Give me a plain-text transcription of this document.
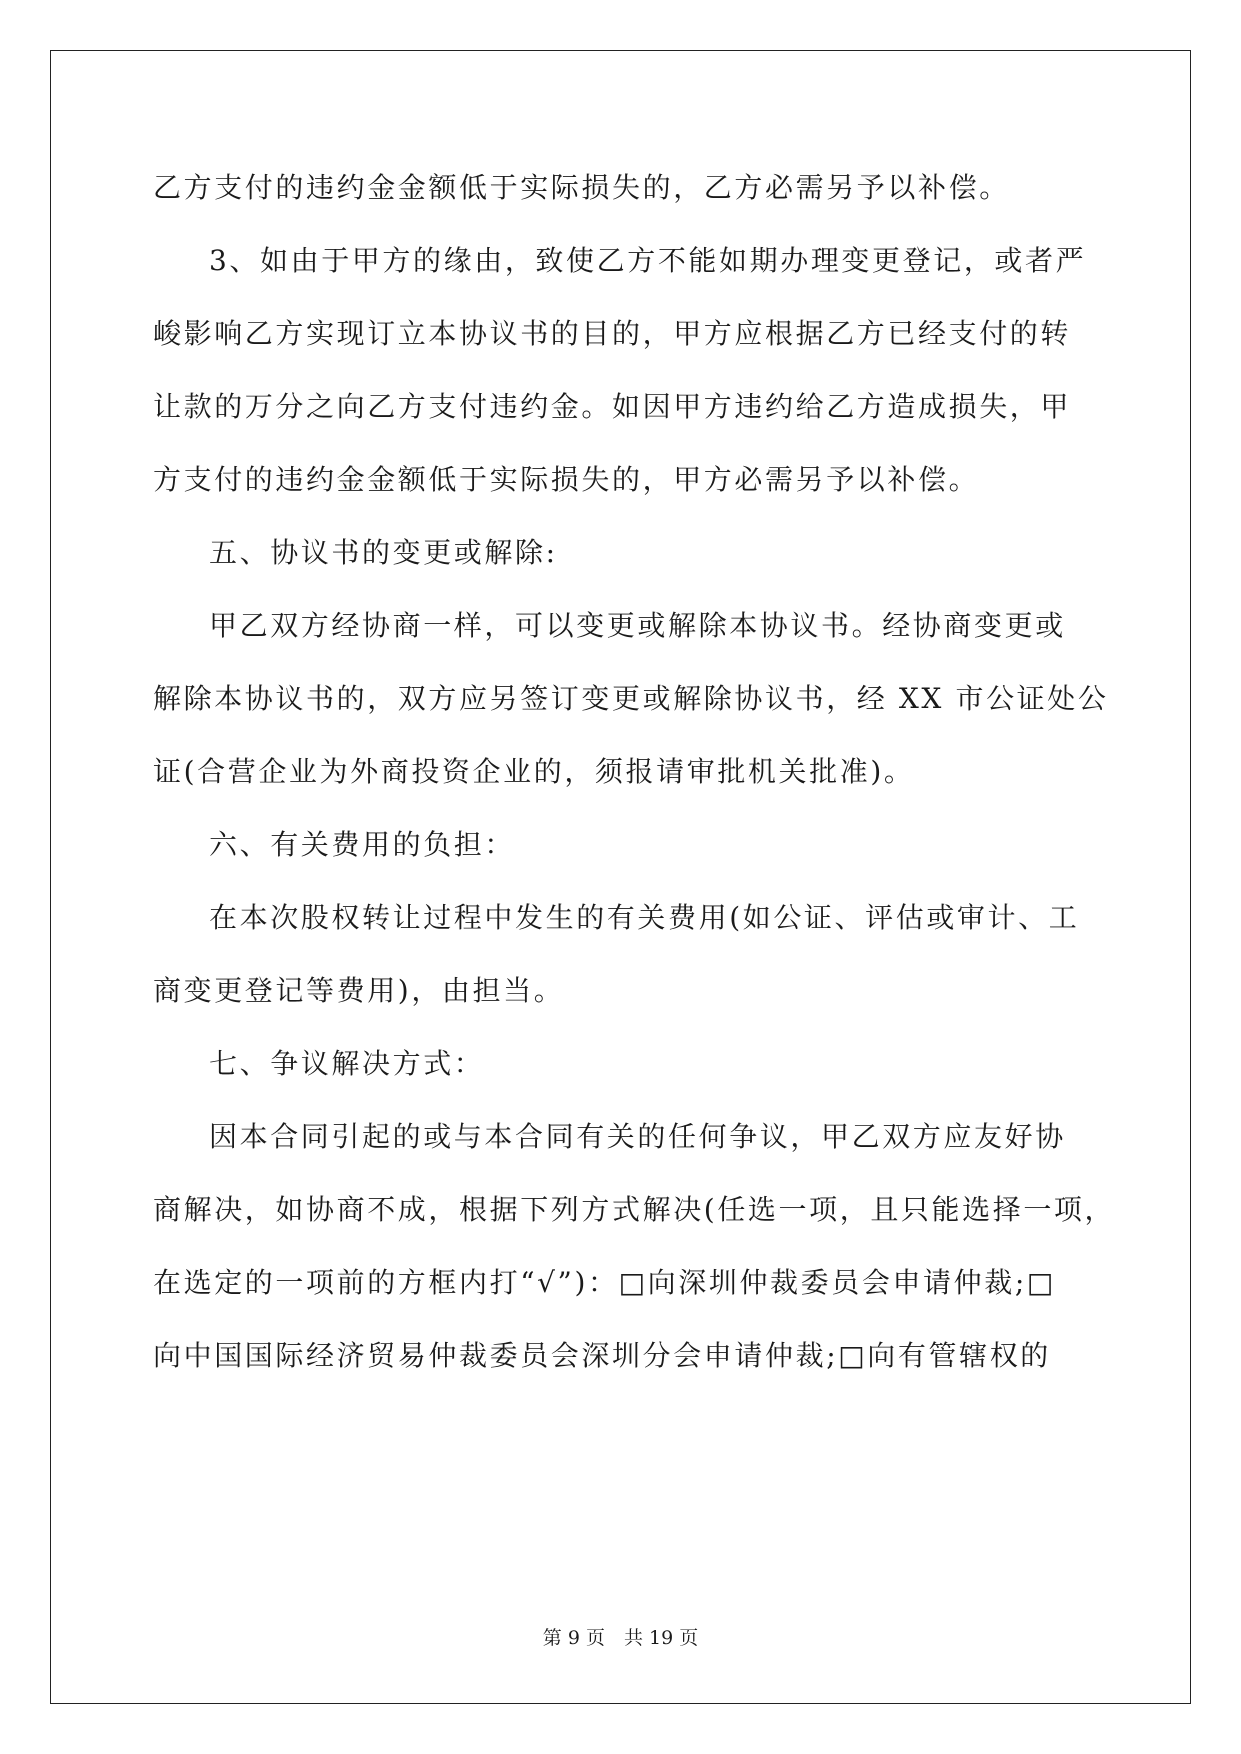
乙方支付的违约金金额低于实际损失的，乙方必需另予以补偿。
3、如由于甲方的缘由，致使乙方不能如期办理变更登记，或者严
峻影响乙方实现订立本协议书的目的，甲方应根据乙方已经支付的转
让款的万分之向乙方支付违约金。如因甲方违约给乙方造成损失，甲
方支付的违约金金额低于实际损失的，甲方必需另予以补偿。
五、协议书的变更或解除:
甲乙双方经协商一样，可以变更或解除本协议书。经协商变更或
解除本协议书的，双方应另签订变更或解除协议书，经 XX 市公证处公
证(合营企业为外商投资企业的，须报请审批机关批准)。
六、有关费用的负担：
在本次股权转让过程中发生的有关费用(如公证、评估或审计、工
商变更登记等费用)，由担当。
七、争议解决方式：
因本合同引起的或与本合同有关的任何争议，甲乙双方应友好协
商解决，如协商不成，根据下列方式解决(任选一项，且只能选择一项，
在选定的一项前的方框内打“√”)：□向深圳仲裁委员会申请仲裁;□
向中国国际经济贸易仲裁委员会深圳分会申请仲裁;□向有管辖权的
第 9 页　共 19 页
